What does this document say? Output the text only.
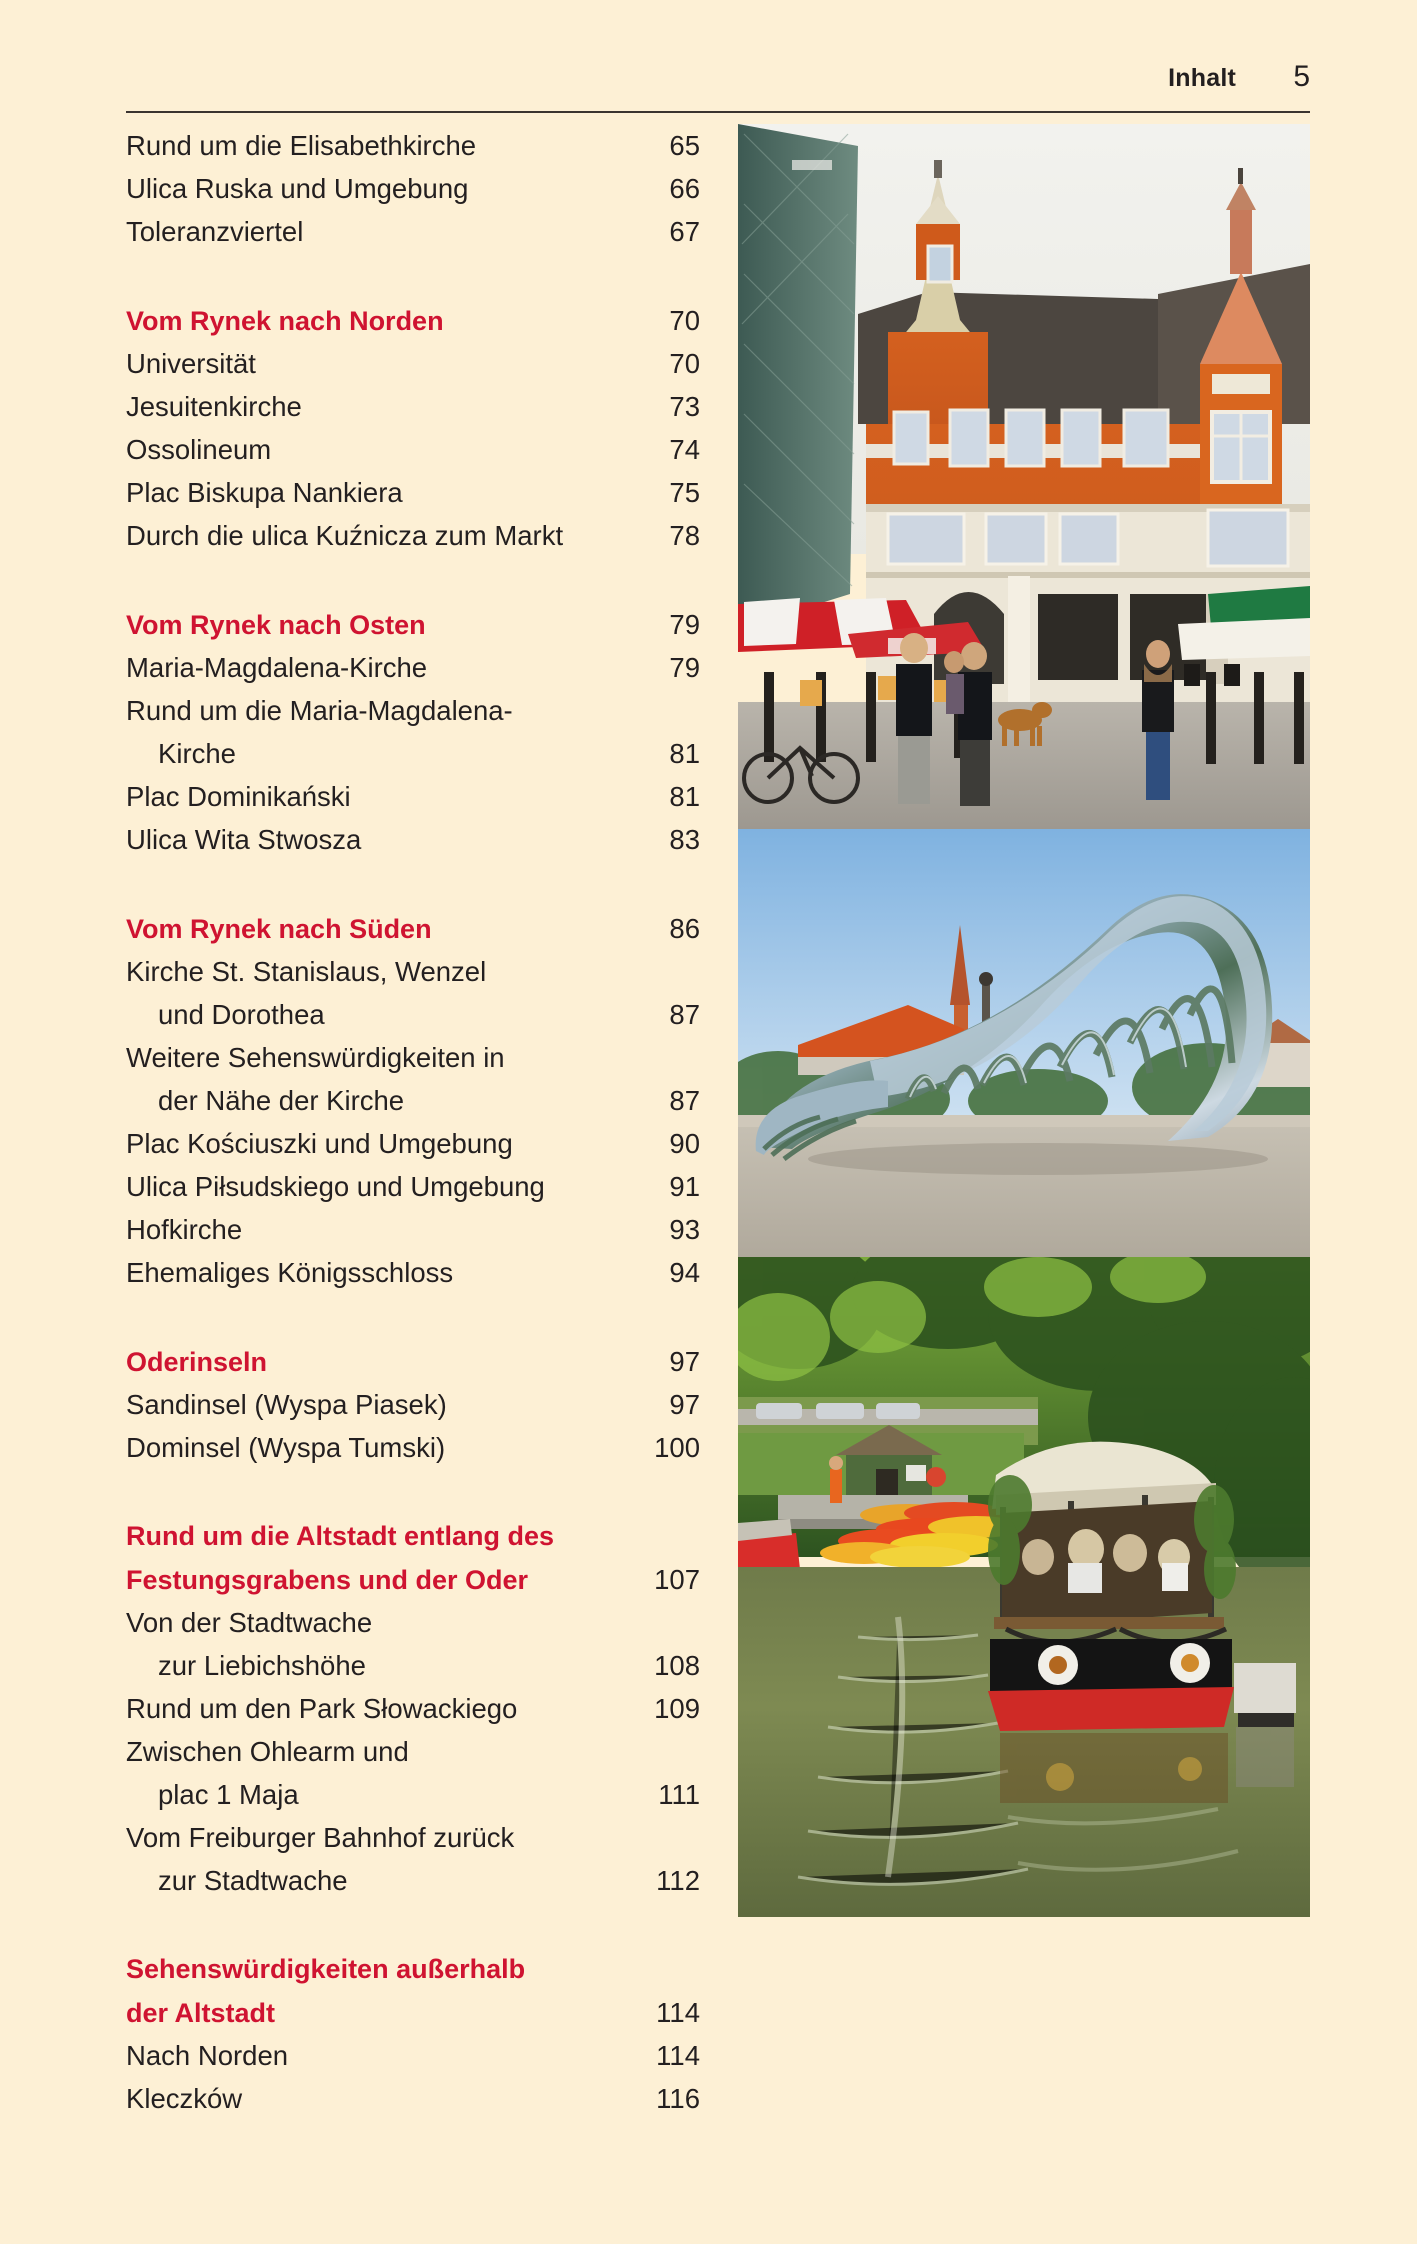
Inhalt 5
Rund um die Elisabethkirche	65
Ulica Ruska und Umgebung	66
Toleranzviertel	67
Vom Rynek nach Norden	70
Universität	70
Jesuitenkirche	73
Ossolineum	74
Plac Biskupa Nankiera	75
Durch die ulica Kuźnicza zum Markt	78
Vom Rynek nach Osten	79
Maria-Magdalena-Kirche	79
Rund um die Maria-Magdalena-
Kirche	81
Plac Dominikański	81
Ulica Wita Stwosza	83
Vom Rynek nach Süden	86
Kirche St. Stanislaus, Wenzel
und Dorothea	87
Weitere Sehenswürdigkeiten in
der Nähe der Kirche	87
Plac Kościuszki und Umgebung	90
Ulica Piłsudskiego und Umgebung	91
Hofkirche	93
Ehemaliges Königsschloss	94
Oderinseln	97
Sandinsel (Wyspa Piasek)	97
Dominsel (Wyspa Tumski)	100
Rund um die Altstadt entlang des
Festungsgrabens und der Oder	107
Von der Stadtwache
zur Liebichshöhe	108
Rund um den Park Słowackiego	109
Zwischen Ohlearm und
plac 1 Maja	111
Vom Freiburger Bahnhof zurück
zur Stadtwache	112
Sehenswürdigkeiten außerhalb
der Altstadt	114
Nach Norden	114
Kleczków	116
